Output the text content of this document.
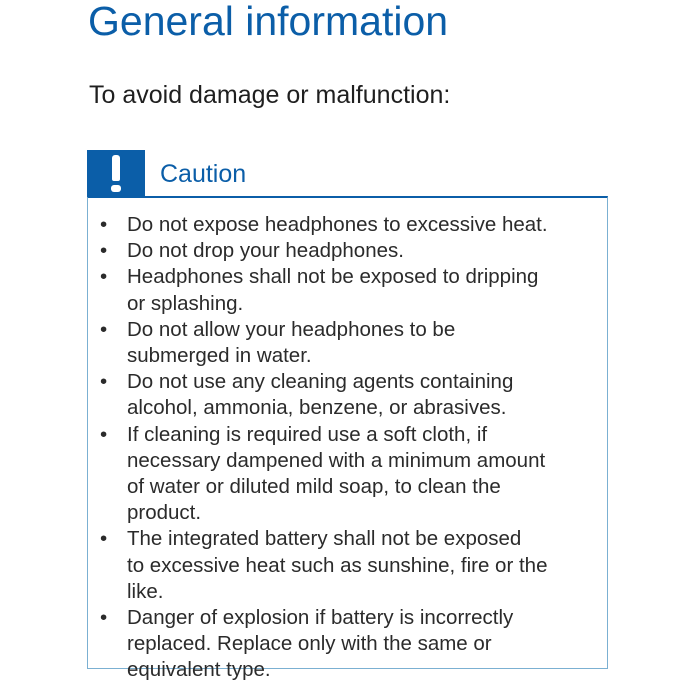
General information

To avoid damage or malfunction:

Caution
• Do not expose headphones to excessive heat.
• Do not drop your headphones.
• Headphones shall not be exposed to dripping
or splashing.
• Do not allow your headphones to be
submerged in water.
• Do not use any cleaning agents containing
alcohol, ammonia, benzene, or abrasives.
• If cleaning is required use a soft cloth, if
necessary dampened with a minimum amount
of water or diluted mild soap, to clean the
product.
• The integrated battery shall not be exposed
to excessive heat such as sunshine, fire or the
like.
• Danger of explosion if battery is incorrectly
replaced. Replace only with the same or
equivalent type.
